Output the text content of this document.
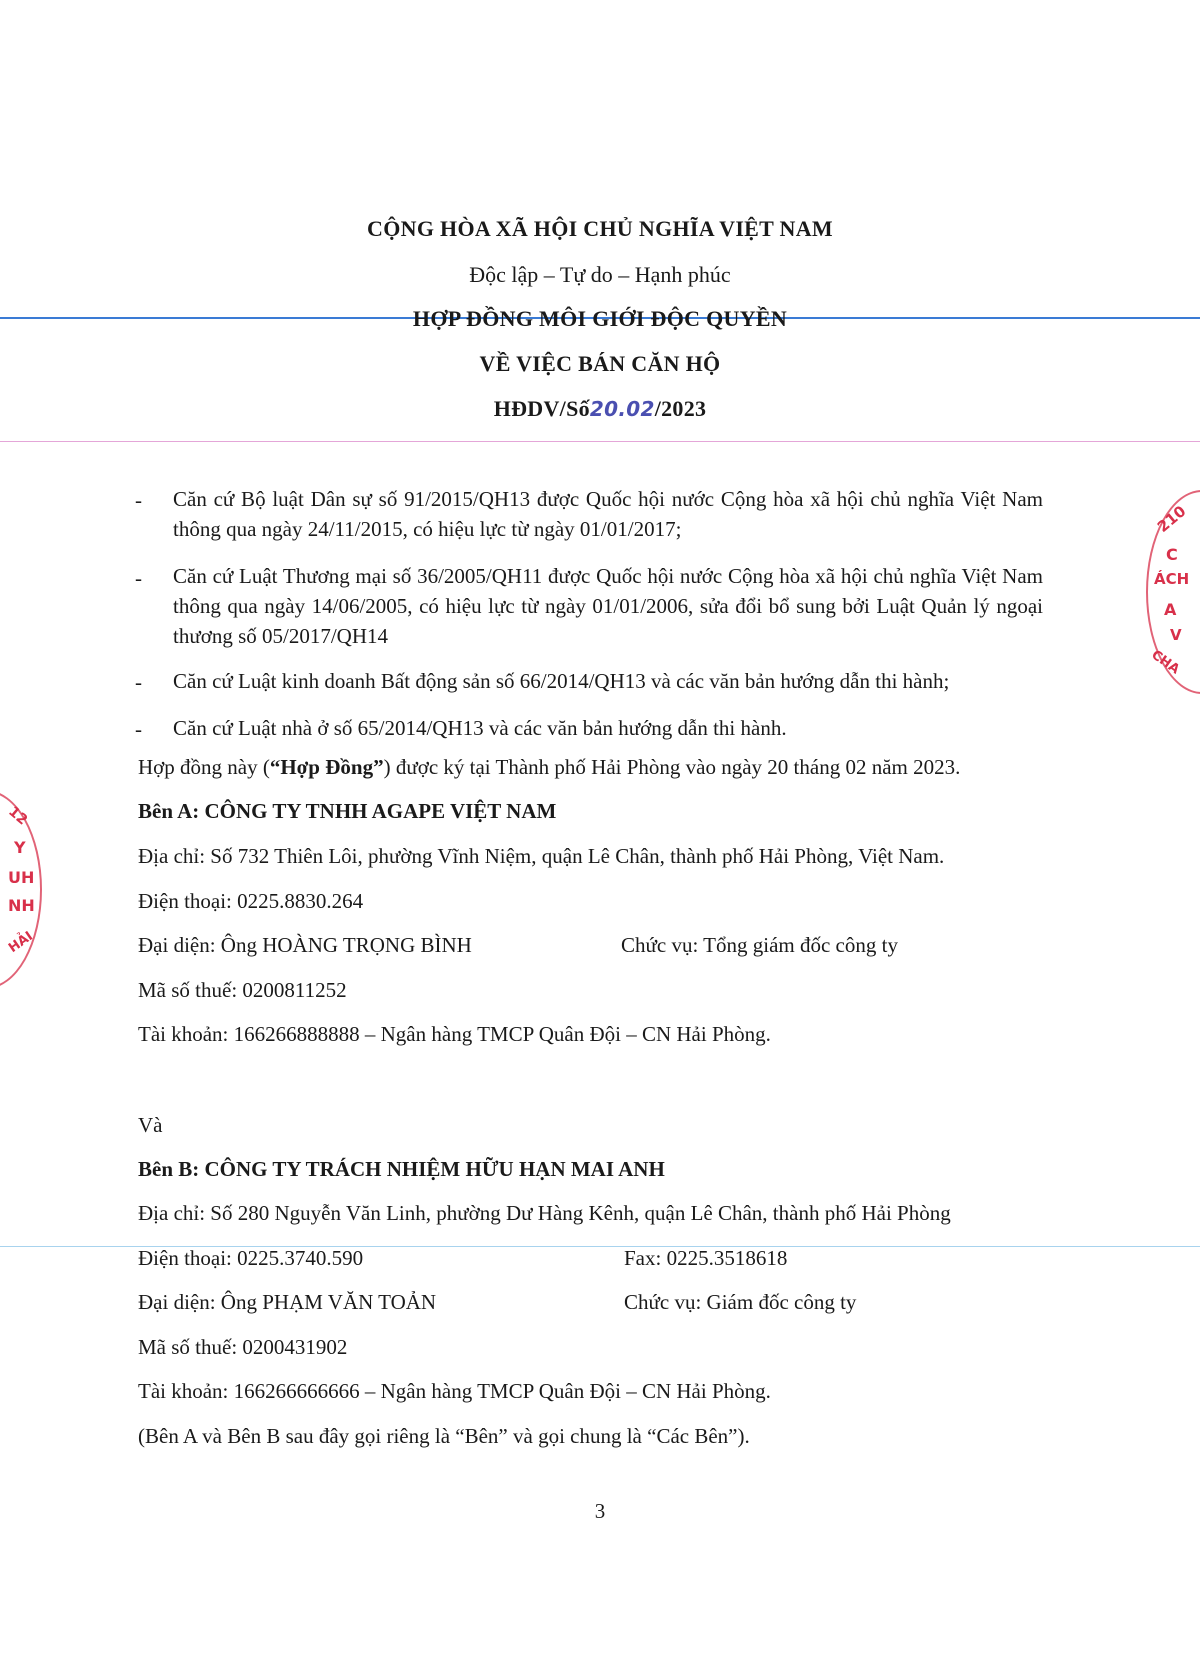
CỘNG HÒA XÃ HỘI CHỦ NGHĨA VIỆT NAM
Độc lập – Tự do – Hạnh phúc
HỢP ĐỒNG MÔI GIỚI ĐỘC QUYỀN
VỀ VIỆC BÁN CĂN HỘ
HĐDV/Số20.02/2023
- Căn cứ Bộ luật Dân sự số 91/2015/QH13 được Quốc hội nước Cộng hòa xã hội chủ nghĩa Việt Nam thông qua ngày 24/11/2015, có hiệu lực từ ngày 01/01/2017;
- Căn cứ Luật Thương mại số 36/2005/QH11 được Quốc hội nước Cộng hòa xã hội chủ nghĩa Việt Nam thông qua ngày 14/06/2005, có hiệu lực từ ngày 01/01/2006, sửa đổi bổ sung bởi Luật Quản lý ngoại thương số 05/2017/QH14
- Căn cứ Luật kinh doanh Bất động sản số 66/2014/QH13 và các văn bản hướng dẫn thi hành;
- Căn cứ Luật nhà ở số 65/2014/QH13 và các văn bản hướng dẫn thi hành.
Hợp đồng này (“Hợp Đồng”) được ký tại Thành phố Hải Phòng vào ngày 20 tháng 02 năm 2023.
Bên A: CÔNG TY TNHH AGAPE VIỆT NAM
Địa chỉ: Số 732 Thiên Lôi, phường Vĩnh Niệm, quận Lê Chân, thành phố Hải Phòng, Việt Nam.
Điện thoại: 0225.8830.264
Đại diện: Ông HOÀNG TRỌNG BÌNH	Chức vụ: Tổng giám đốc công ty
Mã số thuế: 0200811252
Tài khoản: 166266888888 – Ngân hàng TMCP Quân Đội – CN Hải Phòng.
Và
Bên B: CÔNG TY TRÁCH NHIỆM HỮU HẠN MAI ANH
Địa chỉ: Số 280 Nguyễn Văn Linh, phường Dư Hàng Kênh, quận Lê Chân, thành phố Hải Phòng
Điện thoại: 0225.3740.590	Fax: 0225.3518618
Đại diện: Ông PHẠM VĂN TOẢN	Chức vụ: Giám đốc công ty
Mã số thuế: 0200431902
Tài khoản: 166266666666 – Ngân hàng TMCP Quân Đội – CN Hải Phòng.
(Bên A và Bên B sau đây gọi riêng là “Bên” và gọi chung là “Các Bên”).
3
210
C
ÁCH
A
V
CHA
12
Y
UH
NH
HẢI
